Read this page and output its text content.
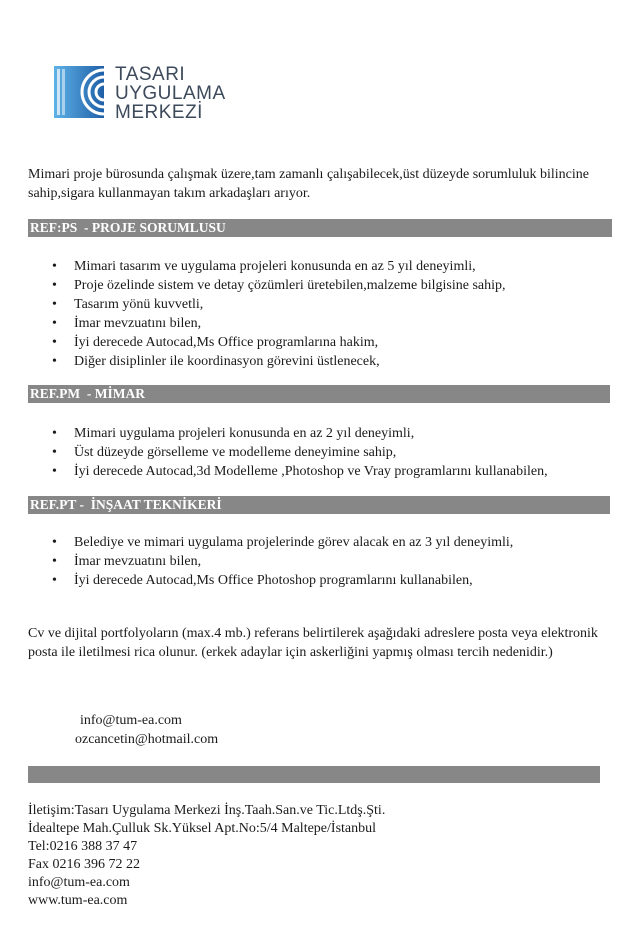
TASARI
UYGULAMA
MERKEZİ
Mimari proje bürosunda çalışmak üzere,tam zamanlı çalışabilecek,üst düzeyde sorumluluk bilincine sahip,sigara kullanmayan takım arkadaşları arıyor.
REF:PS  - PROJE SORUMLUSU
• Mimari tasarım ve uygulama projeleri konusunda en az 5 yıl deneyimli,
• Proje özelinde sistem ve detay çözümleri üretebilen,malzeme bilgisine sahip,
• Tasarım yönü kuvvetli,
• İmar mevzuatını bilen,
• İyi derecede Autocad,Ms Office programlarına hakim,
• Diğer disiplinler ile koordinasyon görevini üstlenecek,
REF.PM  - MİMAR
• Mimari uygulama projeleri konusunda en az 2 yıl deneyimli,
• Üst düzeyde görselleme ve modelleme deneyimine sahip,
• İyi derecede Autocad,3d Modelleme ,Photoshop ve Vray programlarını kullanabilen,
REF.PT -  İNŞAAT TEKNİKERİ
• Belediye ve mimari uygulama projelerinde görev alacak en az 3 yıl deneyimli,
• İmar mevzuatını bilen,
• İyi derecede Autocad,Ms Office Photoshop programlarını kullanabilen,
Cv ve dijital portfolyoların (max.4 mb.) referans belirtilerek aşağıdaki adreslere posta veya elektronik posta ile iletilmesi rica olunur. (erkek adaylar için askerliğini yapmış olması tercih nedenidir.)
info@tum-ea.com
ozcancetin@hotmail.com
İletişim:Tasarı Uygulama Merkezi İnş.Taah.San.ve Tic.Ltdş.Şti.
İdealtepe Mah.Çulluk Sk.Yüksel Apt.No:5/4 Maltepe/İstanbul
Tel:0216 388 37 47
Fax 0216 396 72 22
info@tum-ea.com
www.tum-ea.com
